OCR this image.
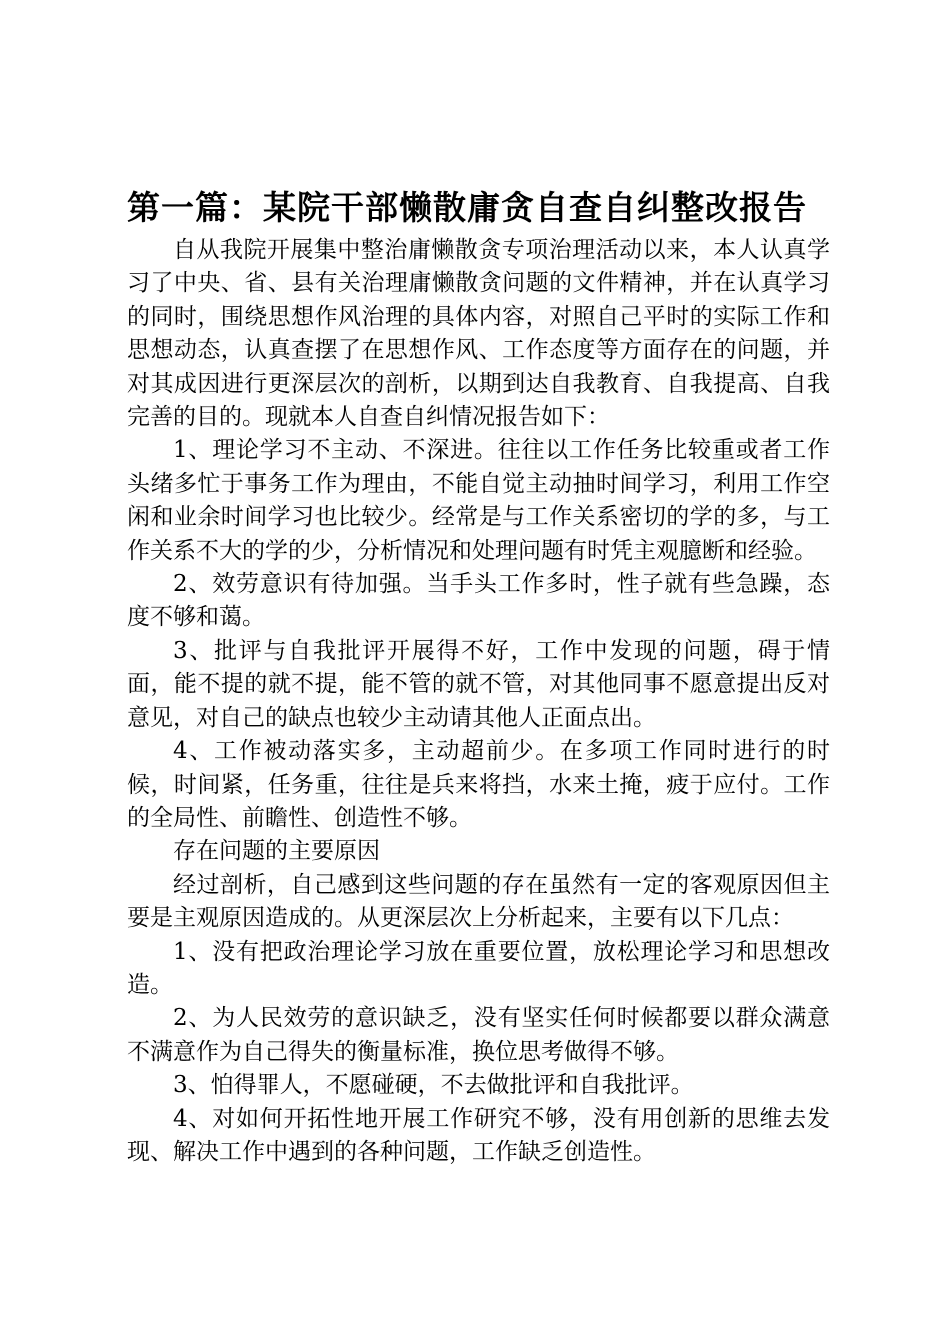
第一篇：某院干部懒散庸贪自查自纠整改报告

自从我院开展集中整治庸懒散贪专项治理活动以来，本人认真学习了中央、省、县有关治理庸懒散贪问题的文件精神，并在认真学习的同时，围绕思想作风治理的具体内容，对照自己平时的实际工作和思想动态，认真查摆了在思想作风、工作态度等方面存在的问题，并对其成因进行更深层次的剖析，以期到达自我教育、自我提高、自我完善的目的。现就本人自查自纠情况报告如下：

1、理论学习不主动、不深进。往往以工作任务比较重或者工作头绪多忙于事务工作为理由，不能自觉主动抽时间学习，利用工作空闲和业余时间学习也比较少。经常是与工作关系密切的学的多，与工作关系不大的学的少，分析情况和处理问题有时凭主观臆断和经验。

2、效劳意识有待加强。当手头工作多时，性子就有些急躁，态度不够和蔼。

3、批评与自我批评开展得不好，工作中发现的问题，碍于情面，能不提的就不提，能不管的就不管，对其他同事不愿意提出反对意见，对自己的缺点也较少主动请其他人正面点出。

4、工作被动落实多，主动超前少。在多项工作同时进行的时候，时间紧，任务重，往往是兵来将挡，水来土掩，疲于应付。工作的全局性、前瞻性、创造性不够。

存在问题的主要原因

经过剖析，自己感到这些问题的存在虽然有一定的客观原因但主要是主观原因造成的。从更深层次上分析起来，主要有以下几点：

1、没有把政治理论学习放在重要位置，放松理论学习和思想改造。

2、为人民效劳的意识缺乏，没有坚实任何时候都要以群众满意不满意作为自己得失的衡量标准，换位思考做得不够。

3、怕得罪人，不愿碰硬，不去做批评和自我批评。

4、对如何开拓性地开展工作研究不够，没有用创新的思维去发现、解决工作中遇到的各种问题，工作缺乏创造性。
